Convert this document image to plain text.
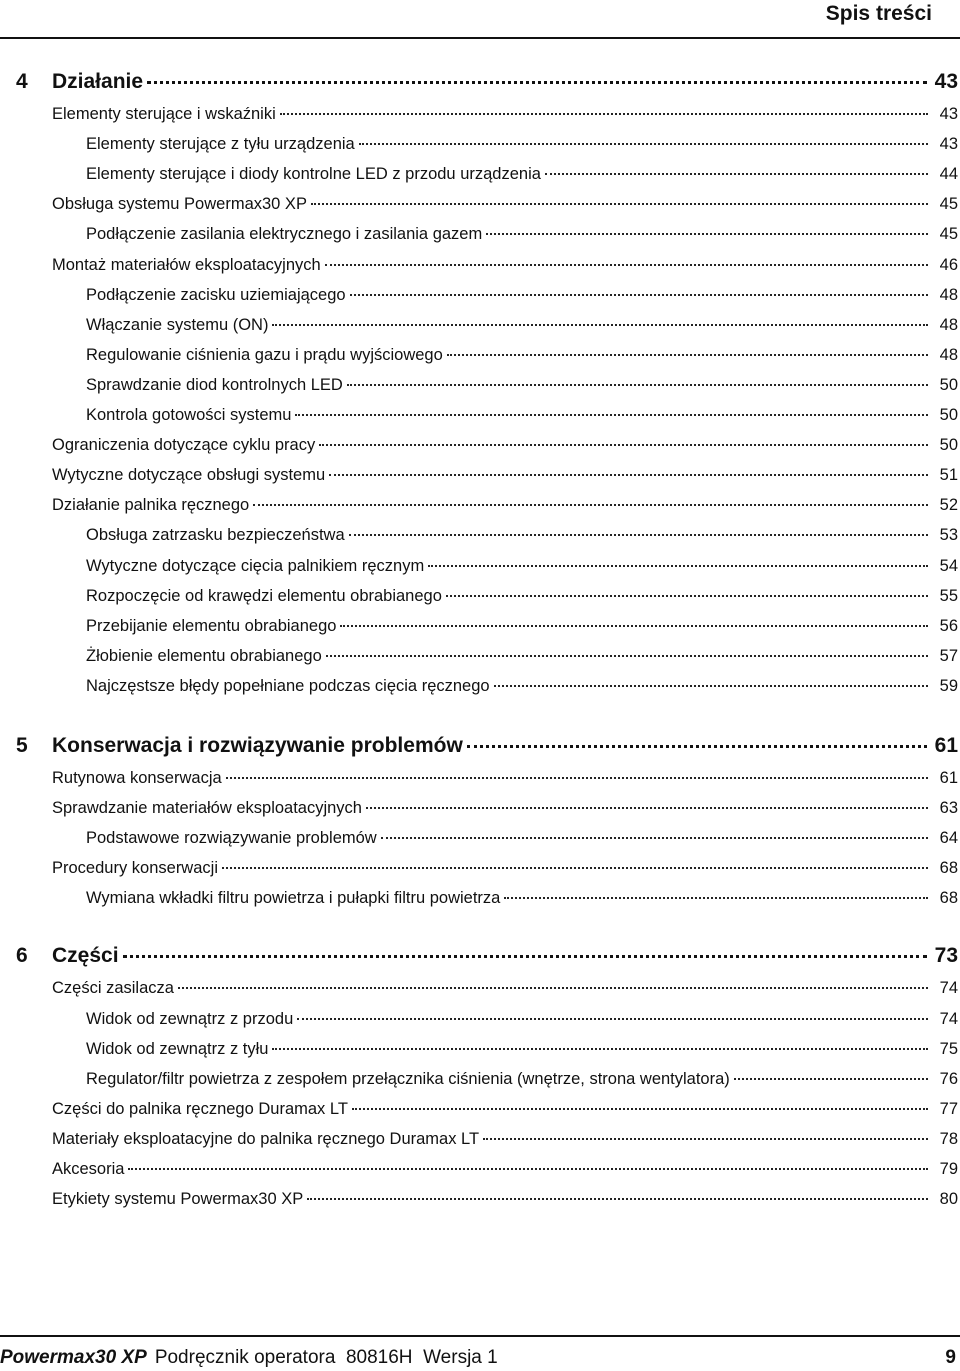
Spis treści
4 Działanie	43
Elementy sterujące i wskaźniki	43
Elementy sterujące z tyłu urządzenia	43
Elementy sterujące i diody kontrolne LED z przodu urządzenia	44
Obsługa systemu Powermax30 XP	45
Podłączenie zasilania elektrycznego i zasilania gazem	45
Montaż materiałów eksploatacyjnych	46
Podłączenie zacisku uziemiającego	48
Włączanie systemu (ON)	48
Regulowanie ciśnienia gazu i prądu wyjściowego	48
Sprawdzanie diod kontrolnych LED	50
Kontrola gotowości systemu	50
Ograniczenia dotyczące cyklu pracy	50
Wytyczne dotyczące obsługi systemu	51
Działanie palnika ręcznego	52
Obsługa zatrzasku bezpieczeństwa	53
Wytyczne dotyczące cięcia palnikiem ręcznym	54
Rozpoczęcie od krawędzi elementu obrabianego	55
Przebijanie elementu obrabianego	56
Żłobienie elementu obrabianego	57
Najczęstsze błędy popełniane podczas cięcia ręcznego	59
5 Konserwacja i rozwiązywanie problemów	61
Rutynowa konserwacja	61
Sprawdzanie materiałów eksploatacyjnych	63
Podstawowe rozwiązywanie problemów	64
Procedury konserwacji	68
Wymiana wkładki filtru powietrza i pułapki filtru powietrza	68
6 Części	73
Części zasilacza	74
Widok od zewnątrz z przodu	74
Widok od zewnątrz z tyłu	75
Regulator/filtr powietrza z zespołem przełącznika ciśnienia (wnętrze, strona wentylatora)	76
Części do palnika ręcznego Duramax LT	77
Materiały eksploatacyjne do palnika ręcznego Duramax LT	78
Akcesoria	79
Etykiety systemu Powermax30 XP	80
Powermax30 XP Podręcznik operatora  80816H  Wersja 1	9
